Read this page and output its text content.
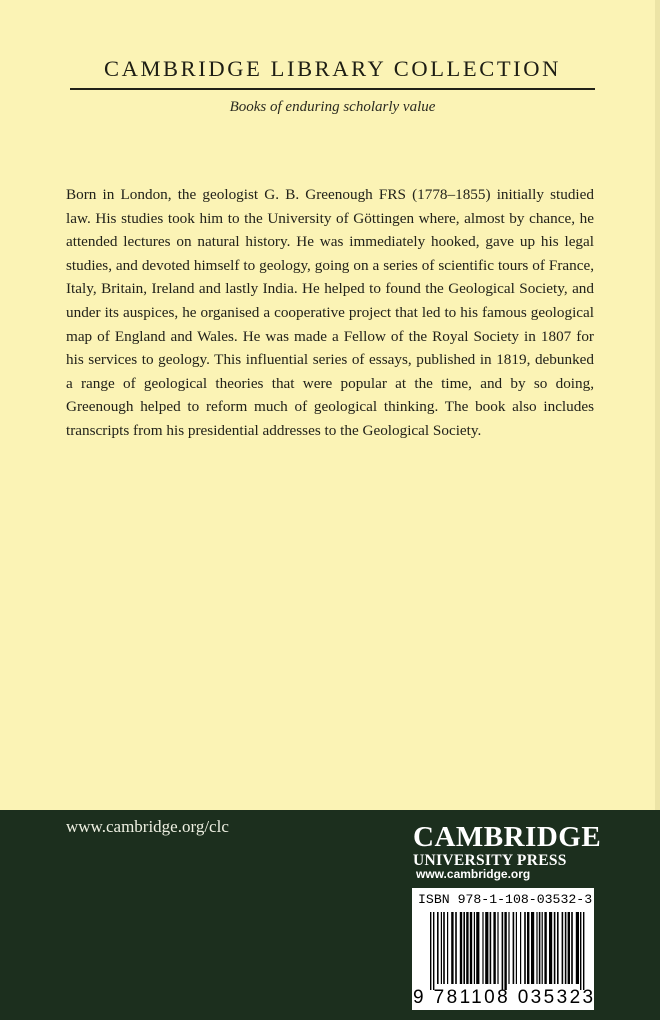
CAMBRIDGE LIBRARY COLLECTION
Books of enduring scholarly value

Born in London, the geologist G. B. Greenough FRS (1778–1855) initially studied law. His studies took him to the University of Göttingen where, almost by chance, he attended lectures on natural history. He was immediately hooked, gave up his legal studies, and devoted himself to geology, going on a series of scientific tours of France, Italy, Britain, Ireland and lastly India. He helped to found the Geological Society, and under its auspices, he organised a cooperative project that led to his famous geological map of England and Wales. He was made a Fellow of the Royal Society in 1807 for his services to geology. This influential series of essays, published in 1819, debunked a range of geological theories that were popular at the time, and by so doing, Greenough helped to reform much of geological thinking. The book also includes transcripts from his presidential addresses to the Geological Society.

www.cambridge.org/clc	CAMBRIDGE
UNIVERSITY PRESS
www.cambridge.org
ISBN 978-1-108-03532-3
9 781108 035323
